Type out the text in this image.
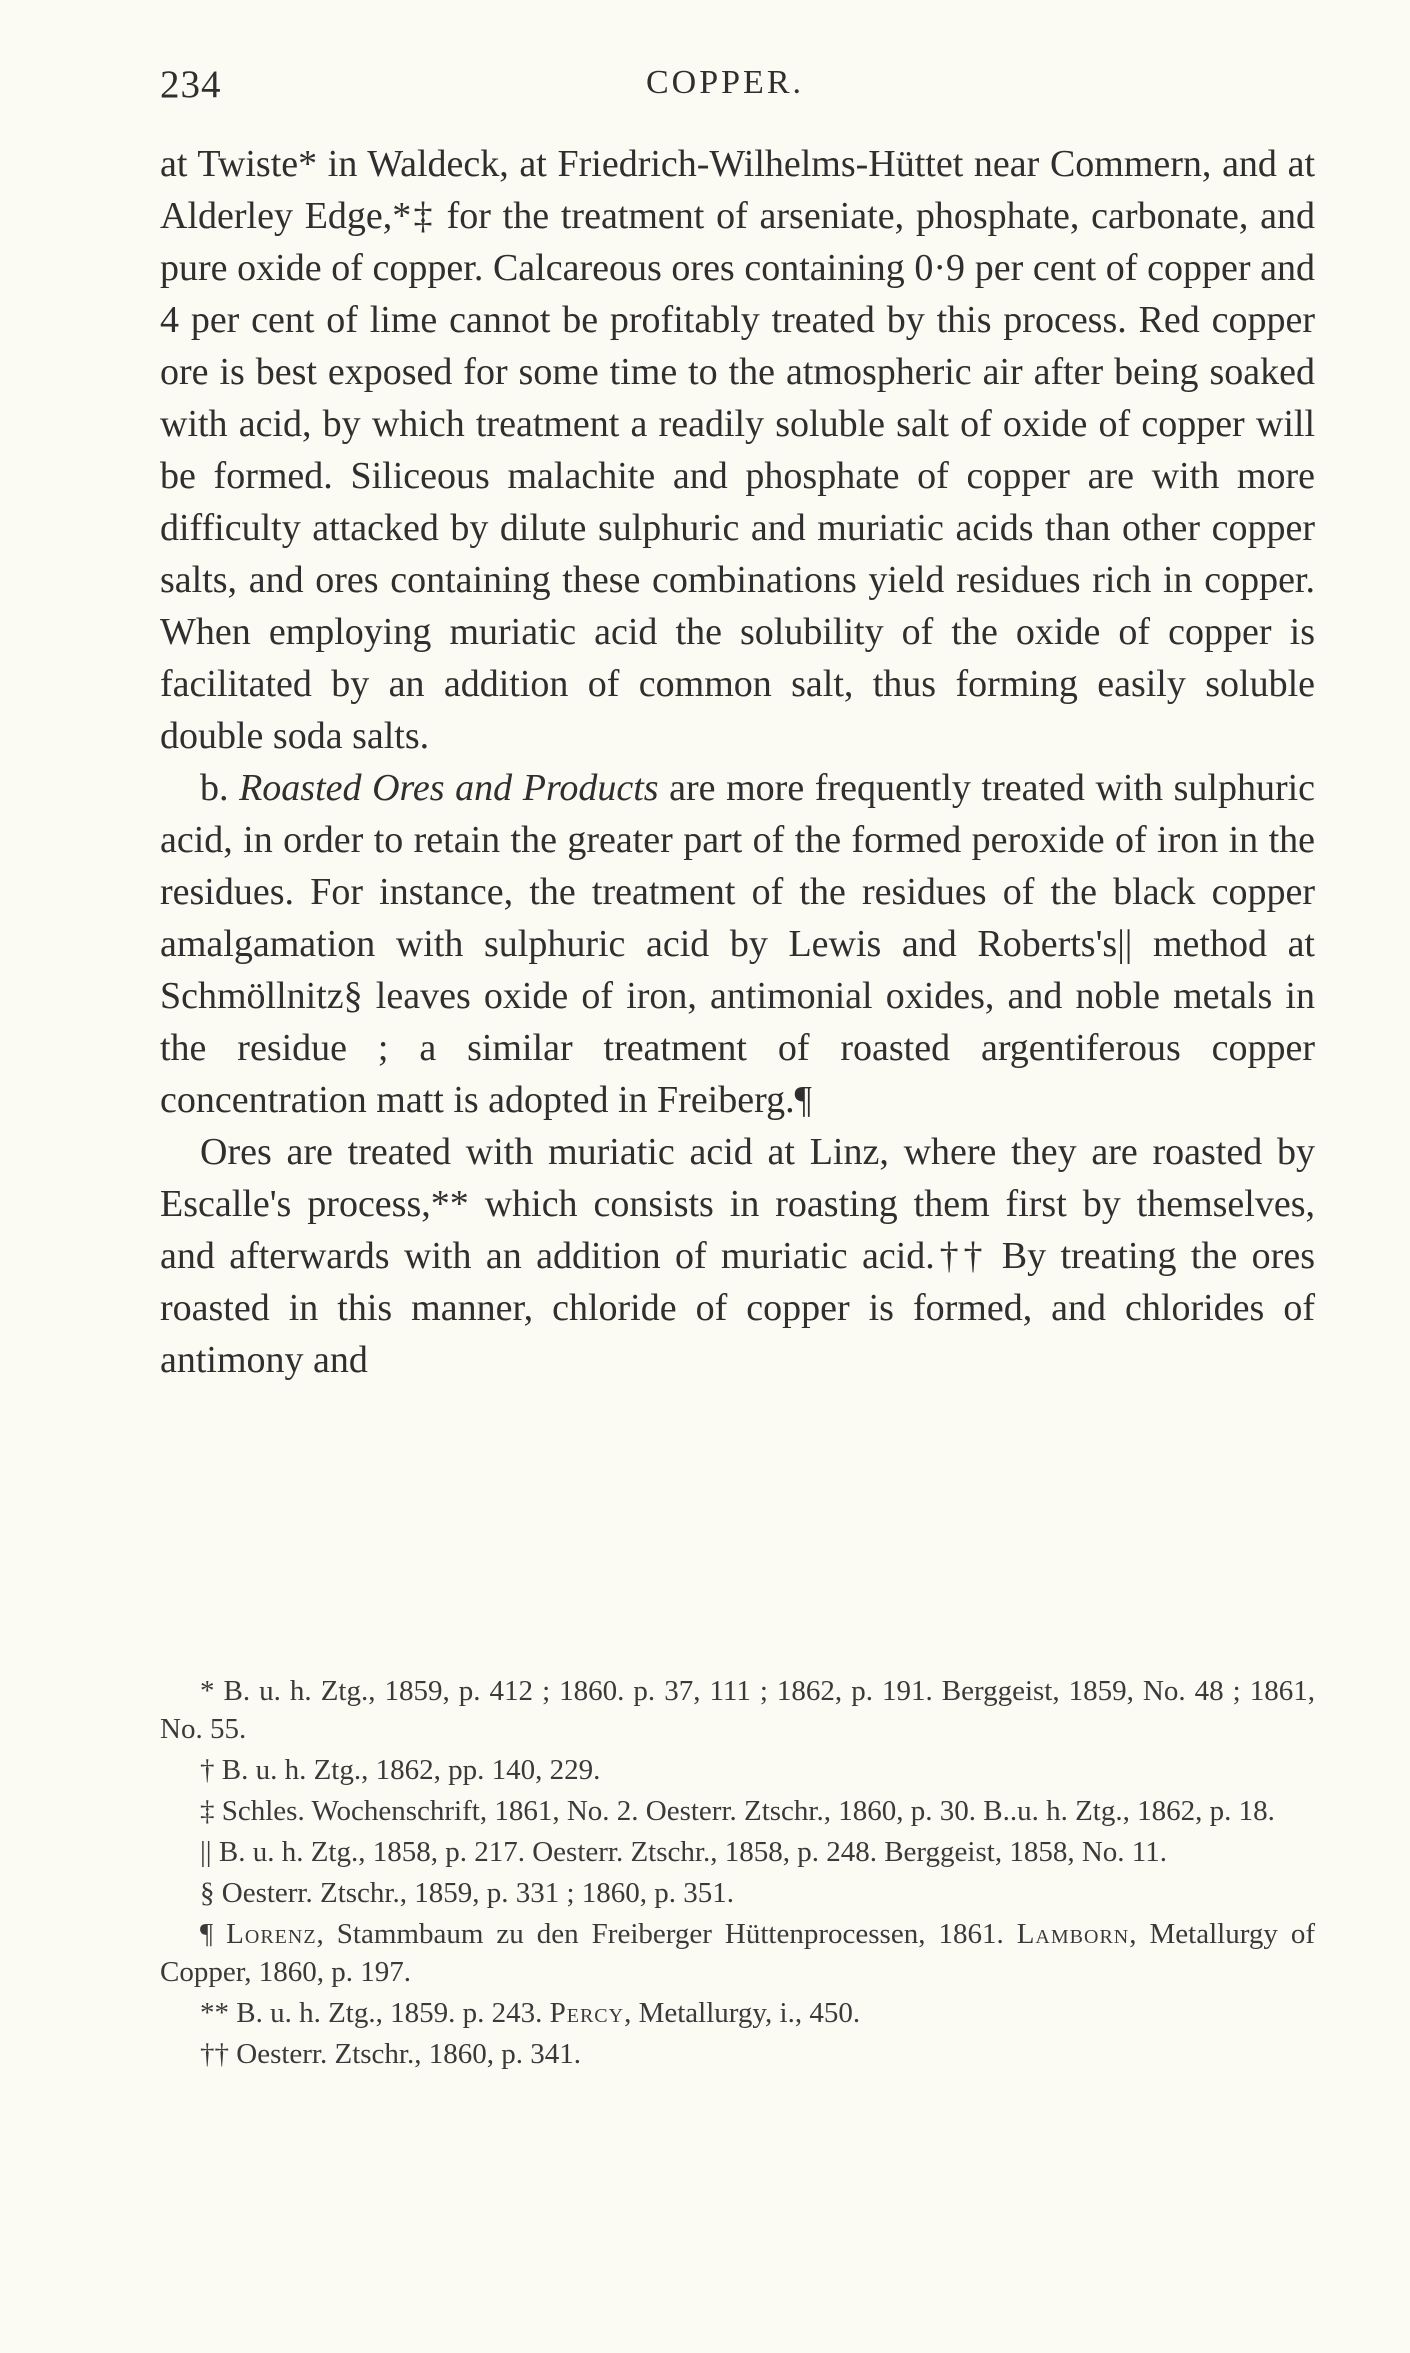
234	COPPER.

at Twiste* in Waldeck, at Friedrich-Wilhelms-Hüttet near Commern, and at Alderley Edge,*‡ for the treatment of arseniate, phosphate, carbonate, and pure oxide of copper. Calcareous ores containing 0·9 per cent of copper and 4 per cent of lime cannot be profitably treated by this process. Red copper ore is best exposed for some time to the atmospheric air after being soaked with acid, by which treatment a readily soluble salt of oxide of copper will be formed. Siliceous malachite and phosphate of copper are with more difficulty attacked by dilute sulphuric and muriatic acids than other copper salts, and ores containing these combinations yield residues rich in copper. When employing muriatic acid the solubility of the oxide of copper is facilitated by an addition of common salt, thus forming easily soluble double soda salts.

b. Roasted Ores and Products are more frequently treated with sulphuric acid, in order to retain the greater part of the formed peroxide of iron in the residues. For instance, the treatment of the residues of the black copper amalgamation with sulphuric acid by Lewis and Roberts's|| method at Schmöllnitz§ leaves oxide of iron, antimonial oxides, and noble metals in the residue ; a similar treatment of roasted argentiferous copper concentration matt is adopted in Freiberg.¶

Ores are treated with muriatic acid at Linz, where they are roasted by Escalle's process,** which consists in roasting them first by themselves, and afterwards with an addition of muriatic acid.†† By treating the ores roasted in this manner, chloride of copper is formed, and chlorides of antimony and

* B. u. h. Ztg., 1859, p. 412 ; 1860. p. 37, 111 ; 1862, p. 191. Berggeist, 1859, No. 48 ; 1861, No. 55.

† B. u. h. Ztg., 1862, pp. 140, 229.

‡ Schles. Wochenschrift, 1861, No. 2. Oesterr. Ztschr., 1860, p. 30. B..u. h. Ztg., 1862, p. 18.

|| B. u. h. Ztg., 1858, p. 217. Oesterr. Ztschr., 1858, p. 248. Berggeist, 1858, No. 11.

§ Oesterr. Ztschr., 1859, p. 331 ; 1860, p. 351.

¶ Lorenz, Stammbaum zu den Freiberger Hüttenprocessen, 1861. Lamborn, Metallurgy of Copper, 1860, p. 197.

** B. u. h. Ztg., 1859. p. 243. Percy, Metallurgy, i., 450.

†† Oesterr. Ztschr., 1860, p. 341.
